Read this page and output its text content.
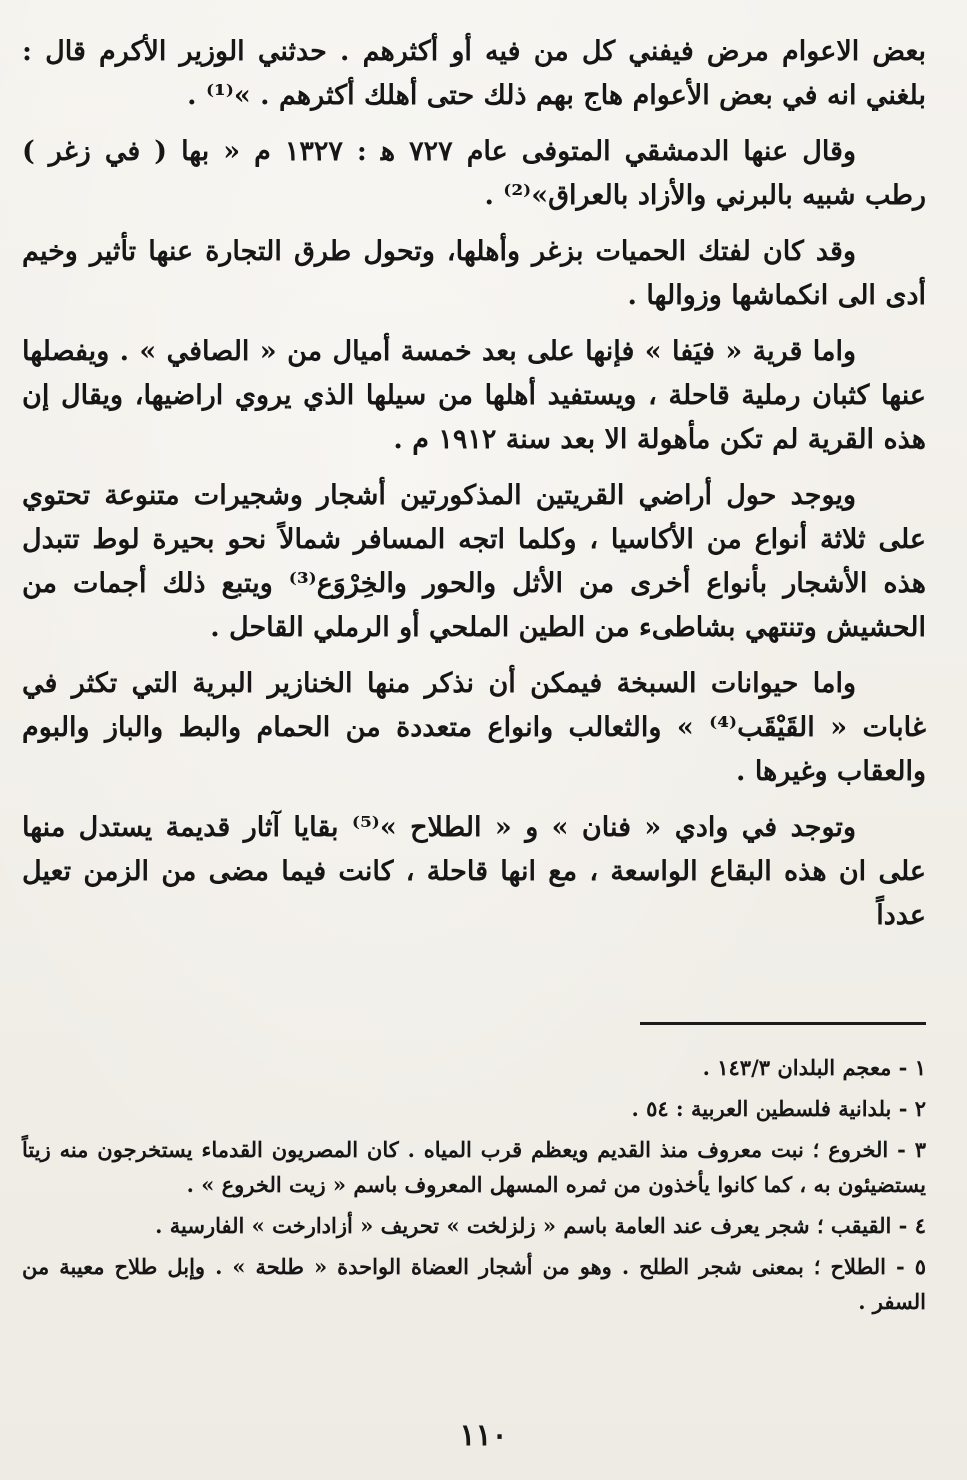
بعض الاعوام مرض فيفني كل من فيه أو أكثرهم . حدثني الوزير الأكرم قال : بلغني انه في بعض الأعوام هاج بهم ذلك حتى أهلك أكثرهم . »⁽¹⁾ .

وقال عنها الدمشقي المتوفى عام ٧٢٧ ﻫ : ١٣٢٧ م « بها ( في زغر ) رطب شبيه بالبرني والأزاد بالعراق»⁽²⁾ .

وقد كان لفتك الحميات بزغر وأهلها، وتحول طرق التجارة عنها تأثير وخيم أدى الى انكماشها وزوالها .

واما قرية « فيَفا » فإنها على بعد خمسة أميال من « الصافي » . ويفصلها عنها كثبان رملية قاحلة ، ويستفيد أهلها من سيلها الذي يروي اراضيها، ويقال إن هذه القرية لم تكن مأهولة الا بعد سنة ١٩١٢ م .

ويوجد حول أراضي القريتين المذكورتين أشجار وشجيرات متنوعة تحتوي على ثلاثة أنواع من الأكاسيا ، وكلما اتجه المسافر شمالاً نحو بحيرة لوط تتبدل هذه الأشجار بأنواع أخرى من الأثل والحور والخِرْوَع⁽³⁾ ويتبع ذلك أجمات من الحشيش وتنتهي بشاطىء من الطين الملحي أو الرملي القاحل .

واما حيوانات السبخة فيمكن أن نذكر منها الخنازير البرية التي تكثر في غابات « القَيْقَب⁽⁴⁾ » والثعالب وانواع متعددة من الحمام والبط والباز والبوم والعقاب وغيرها .

وتوجد في وادي « فنان » و « الطلاح »⁽⁵⁾ بقايا آثار قديمة يستدل منها على ان هذه البقاع الواسعة ، مع انها قاحلة ، كانت فيما مضى من الزمن تعيل عدداً

١ - معجم البلدان ١٤٣/٣ .
٢ - بلدانية فلسطين العربية : ٥٤ .
٣ - الخروع ؛ نبت معروف منذ القديم ويعظم قرب المياه . كان المصريون القدماء يستخرجون منه زيتاً يستضيئون به ، كما كانوا يأخذون من ثمره المسهل المعروف باسم « زيت الخروع » .
٤ - القيقب ؛ شجر يعرف عند العامة باسم « زلزلخت » تحريف « أزادارخت » الفارسية .
٥ - الطلاح ؛ بمعنى شجر الطلح . وهو من أشجار العضاة الواحدة « طلحة » . وإبل طلاح معيبة من السفر .
١١٠
